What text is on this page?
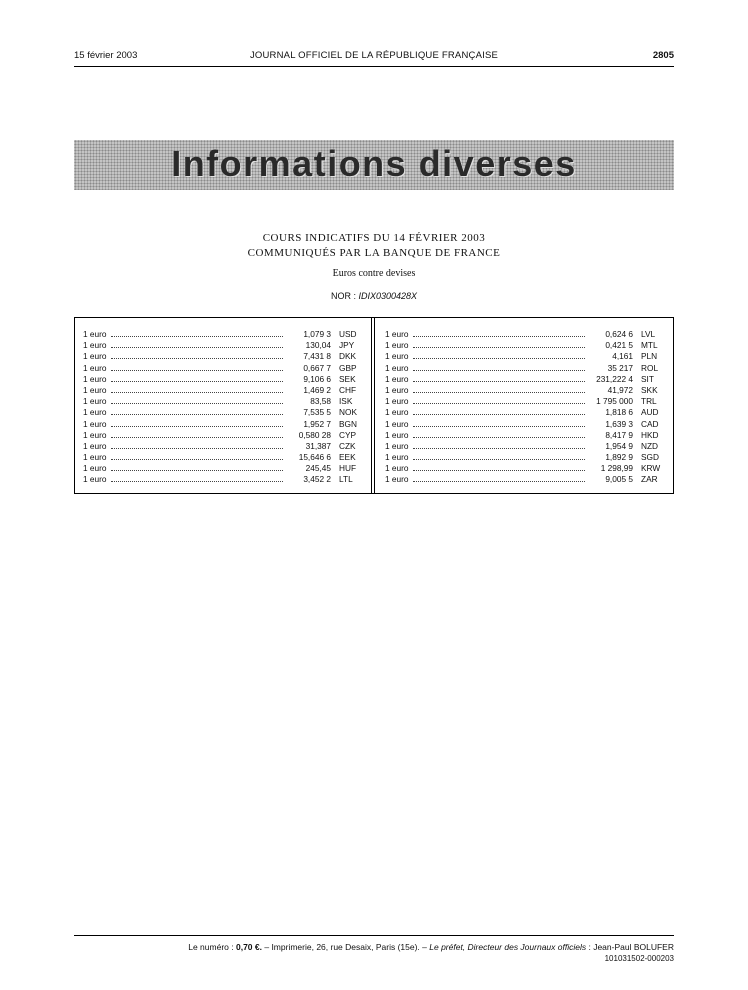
15 février 2003	JOURNAL OFFICIEL DE LA RÉPUBLIQUE FRANÇAISE	2805
Informations diverses
COURS INDICATIFS DU 14 FÉVRIER 2003
COMMUNIQUÉS PAR LA BANQUE DE FRANCE
Euros contre devises
NOR : IDIX0300428X
1 euro	1,079 3 USD
1 euro	130,04 JPY
1 euro	7,431 8 DKK
1 euro	0,667 7 GBP
1 euro	9,106 6 SEK
1 euro	1,469 2 CHF
1 euro	83,58 ISK
1 euro	7,535 5 NOK
1 euro	1,952 7 BGN
1 euro	0,580 28 CYP
1 euro	31,387 CZK
1 euro	15,646 6 EEK
1 euro	245,45 HUF
1 euro	3,452 2 LTL
1 euro	0,624 6 LVL
1 euro	0,421 5 MTL
1 euro	4,161 PLN
1 euro	35 217 ROL
1 euro	231,222 4 SIT
1 euro	41,972 SKK
1 euro	1 795 000 TRL
1 euro	1,818 6 AUD
1 euro	1,639 3 CAD
1 euro	8,417 9 HKD
1 euro	1,954 9 NZD
1 euro	1,892 9 SGD
1 euro	1 298,99 KRW
1 euro	9,005 5 ZAR
Le numéro : 0,70 €. – Imprimerie, 26, rue Desaix, Paris (15e). – Le préfet, Directeur des Journaux officiels : Jean-Paul BOLUFER
101031502-000203
